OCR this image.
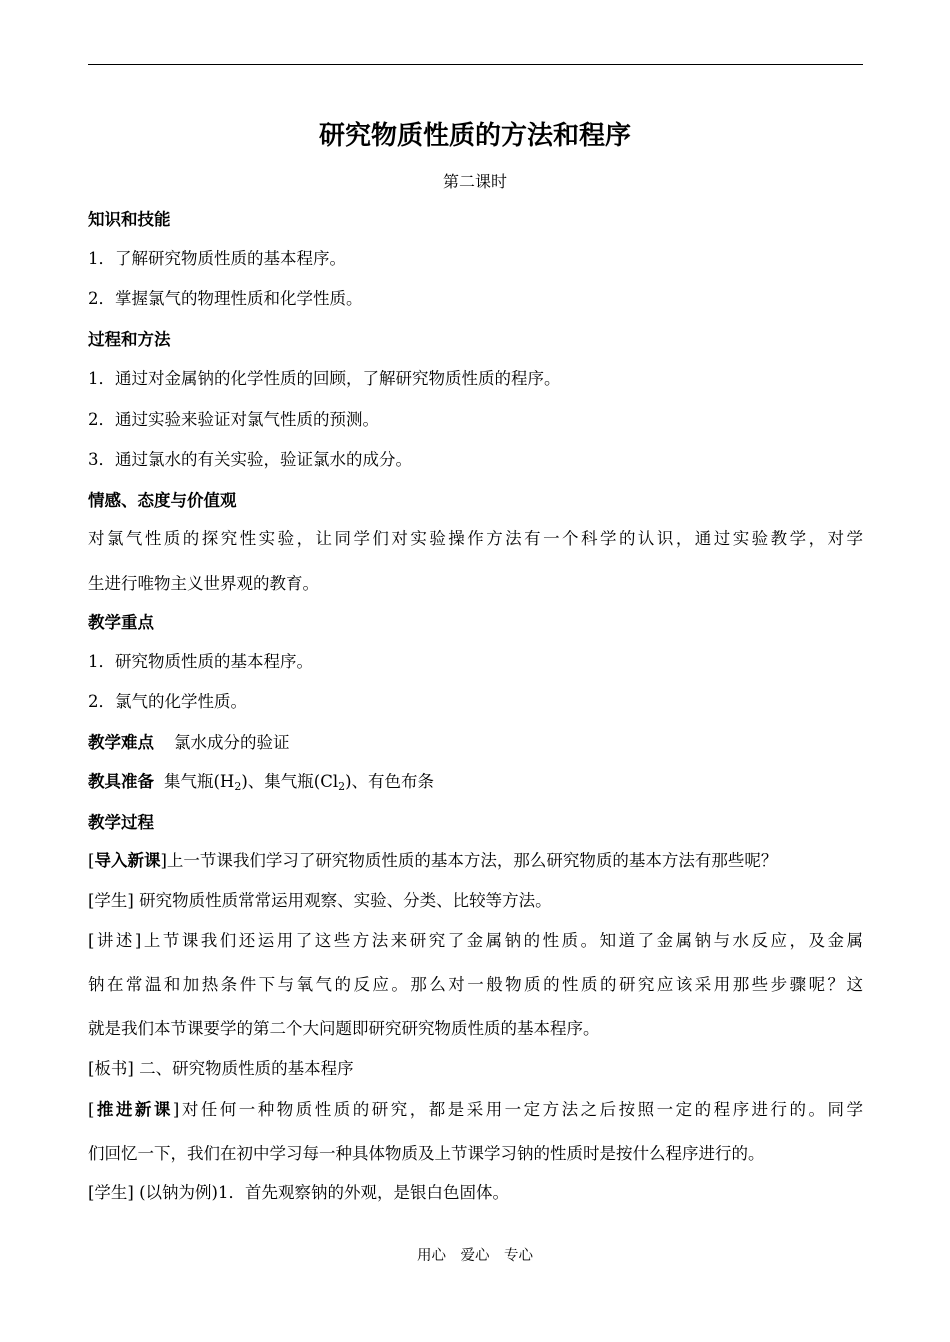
研究物质性质的方法和程序
第二课时
知识和技能
1．了解研究物质性质的基本程序。
2．掌握氯气的物理性质和化学性质。
过程和方法
1．通过对金属钠的化学性质的回顾，了解研究物质性质的程序。
2．通过实验来验证对氯气性质的预测。
3．通过氯水的有关实验，验证氯水的成分。
情感、态度与价值观
对氯气性质的探究性实验，让同学们对实验操作方法有一个科学的认识，通过实验教学，对学
生进行唯物主义世界观的教育。
教学重点
1．研究物质性质的基本程序。
2．氯气的化学性质。
教学难点 氯水成分的验证
教具准备 集气瓶$(H_2)$、集气瓶$(Cl_2)$、有色布条
教学过程
[导入新课]上一节课我们学习了研究物质性质的基本方法，那么研究物质的基本方法有那些呢？
[学生] 研究物质性质常常运用观察、实验、分类、比较等方法。
[讲述]上节课我们还运用了这些方法来研究了金属钠的性质。知道了金属钠与水反应，及金属
钠在常温和加热条件下与氧气的反应。那么对一般物质的性质的研究应该采用那些步骤呢？这
就是我们本节课要学的第二个大问题即研究研究物质性质的基本程序。
[板书] 二、研究物质性质的基本程序
[推进新课]对任何一种物质性质的研究，都是采用一定方法之后按照一定的程序进行的。同学
们回忆一下，我们在初中学习每一种具体物质及上节课学习钠的性质时是按什么程序进行的。
[学生] (以钠为例)1．首先观察钠的外观，是银白色固体。
用心　爱心　专心
